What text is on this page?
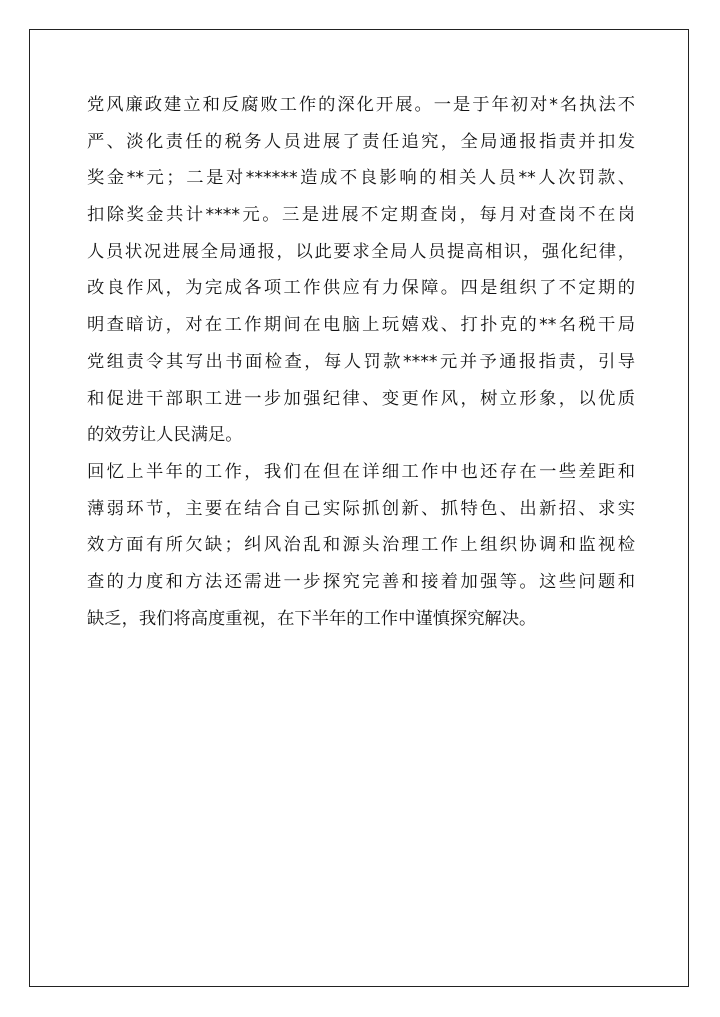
党风廉政建立和反腐败工作的深化开展。一是于年初对*名执法不
严、淡化责任的税务人员进展了责任追究，全局通报指责并扣发
奖金**元；二是对******造成不良影响的相关人员**人次罚款、
扣除奖金共计****元。三是进展不定期查岗，每月对查岗不在岗
人员状况进展全局通报，以此要求全局人员提高相识，强化纪律，
改良作风，为完成各项工作供应有力保障。四是组织了不定期的
明查暗访，对在工作期间在电脑上玩嬉戏、打扑克的**名税干局
党组责令其写出书面检查，每人罚款****元并予通报指责，引导
和促进干部职工进一步加强纪律、变更作风，树立形象，以优质
的效劳让人民满足。
回忆上半年的工作，我们在但在详细工作中也还存在一些差距和
薄弱环节，主要在结合自己实际抓创新、抓特色、出新招、求实
效方面有所欠缺；纠风治乱和源头治理工作上组织协调和监视检
查的力度和方法还需进一步探究完善和接着加强等。这些问题和
缺乏，我们将高度重视，在下半年的工作中谨慎探究解决。
